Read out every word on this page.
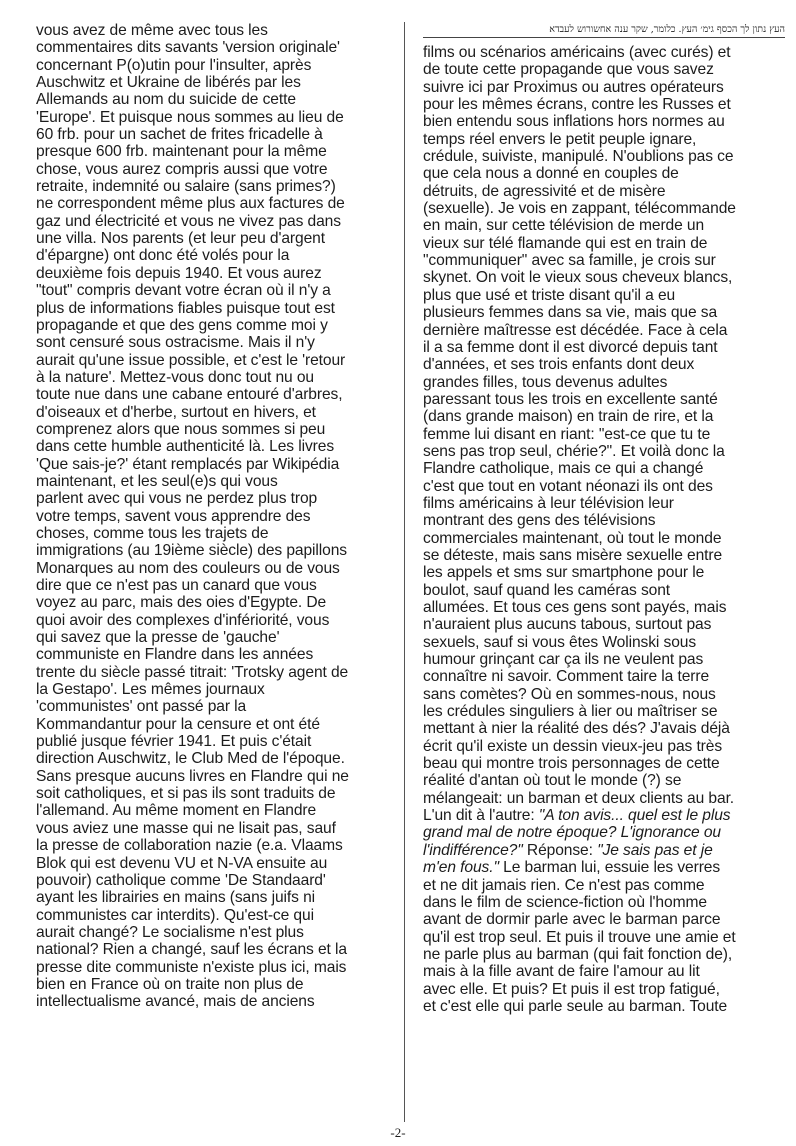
vous avez de même avec tous les
commentaires dits savants 'version originale'
concernant P(o)utin pour l'insulter, après
Auschwitz et Ukraine de libérés par les
Allemands au nom du suicide de cette
'Europe'. Et puisque nous sommes au lieu de
60 frb. pour un sachet de frites fricadelle à
presque 600 frb. maintenant pour la même
chose, vous aurez compris aussi que votre
retraite, indemnité ou salaire (sans primes?)
ne correspondent même plus aux factures de
gaz und électricité et vous ne vivez pas dans
une villa. Nos parents (et leur peu d'argent
d'épargne) ont donc été volés pour la
deuxième fois depuis 1940. Et vous aurez
"tout" compris devant votre écran où il n'y a
plus de informations fiables puisque tout est
propagande et que des gens comme moi y
sont censuré sous ostracisme. Mais il n'y
aurait qu'une issue possible, et c'est le 'retour
à la nature'. Mettez-vous donc tout nu ou
toute nue dans une cabane entouré d'arbres,
d'oiseaux et d'herbe, surtout en hivers, et
comprenez alors que nous sommes si peu
dans cette humble authenticité là. Les livres
'Que sais-je?' étant remplacés par Wikipédia
maintenant, et les seul(e)s qui vous
parlent avec qui vous ne perdez plus trop
votre temps, savent vous apprendre des
choses, comme tous les trajets de
immigrations (au 19ième siècle) des papillons
Monarques au nom des couleurs ou de vous
dire que ce n'est pas un canard que vous
voyez au parc, mais des oies d'Egypte. De
quoi avoir des complexes d'infériorité, vous
qui savez que la presse de 'gauche'
communiste en Flandre dans les années
trente du siècle passé titrait: 'Trotsky agent de
la Gestapo'. Les mêmes journaux
'communistes' ont passé par la
Kommandantur pour la censure et ont été
publié jusque février 1941. Et puis c'était
direction Auschwitz, le Club Med de l'époque.
Sans presque aucuns livres en Flandre qui ne
soit catholiques, et si pas ils sont traduits de
l'allemand. Au même moment en Flandre
vous aviez une masse qui ne lisait pas, sauf
la presse de collaboration nazie (e.a. Vlaams
Blok qui est devenu VU et N-VA ensuite au
pouvoir) catholique comme 'De Standaard'
ayant les librairies en mains (sans juifs ni
communistes car interdits). Qu'est-ce qui
aurait changé? Le socialisme n'est plus
national? Rien a changé, sauf les écrans et la
presse dite communiste n'existe plus ici, mais
bien en France où on traite non plus de
intellectualisme avancé, mais de anciens

העץ נתון לך הכסף גימ׳ העץ. כלומר, שקר ענה אחשורוש לעבדא

films ou scénarios américains (avec curés) et
de toute cette propagande que vous savez
suivre ici par Proximus ou autres opérateurs
pour les mêmes écrans, contre les Russes et
bien entendu sous inflations hors normes au
temps réel envers le petit peuple ignare,
crédule, suiviste, manipulé. N'oublions pas ce
que cela nous a donné en couples de
détruits, de agressivité et de misère
(sexuelle). Je vois en zappant, télécommande
en main, sur cette télévision de merde un
vieux sur télé flamande qui est en train de
"communiquer" avec sa famille, je crois sur
skynet. On voit le vieux sous cheveux blancs,
plus que usé et triste disant qu'il a eu
plusieurs femmes dans sa vie, mais que sa
dernière maîtresse est décédée. Face à cela
il a sa femme dont il est divorcé depuis tant
d'années, et ses trois enfants dont deux
grandes filles, tous devenus adultes
paressant tous les trois en excellente santé
(dans grande maison) en train de rire, et la
femme lui disant en riant: "est-ce que tu te
sens pas trop seul, chérie?". Et voilà donc la
Flandre catholique, mais ce qui a changé
c'est que tout en votant néonazi ils ont des
films américains à leur télévision leur
montrant des gens des télévisions
commerciales maintenant, où tout le monde
se déteste, mais sans misère sexuelle entre
les appels et sms sur smartphone pour le
boulot, sauf quand les caméras sont
allumées. Et tous ces gens sont payés, mais
n'auraient plus aucuns tabous, surtout pas
sexuels, sauf si vous êtes Wolinski sous
humour grinçant car ça ils ne veulent pas
connaître ni savoir. Comment taire la terre
sans comètes? Où en sommes-nous, nous
les crédules singuliers à lier ou maîtriser se
mettant à nier la réalité des dés? J'avais déjà
écrit qu'il existe un dessin vieux-jeu pas très
beau qui montre trois personnages de cette
réalité d'antan où tout le monde (?) se
mélangeait: un barman et deux clients au bar.
L'un dit à l'autre: "A ton avis... quel est le plus
grand mal de notre époque? L'ignorance ou
l'indifférence?" Réponse: "Je sais pas et je
m'en fous." Le barman lui, essuie les verres
et ne dit jamais rien. Ce n'est pas comme
dans le film de science-fiction où l'homme
avant de dormir parle avec le barman parce
qu'il est trop seul. Et puis il trouve une amie et
ne parle plus au barman (qui fait fonction de),
mais à la fille avant de faire l'amour au lit
avec elle. Et puis? Et puis il est trop fatigué,
et c'est elle qui parle seule au barman. Toute

-2-
